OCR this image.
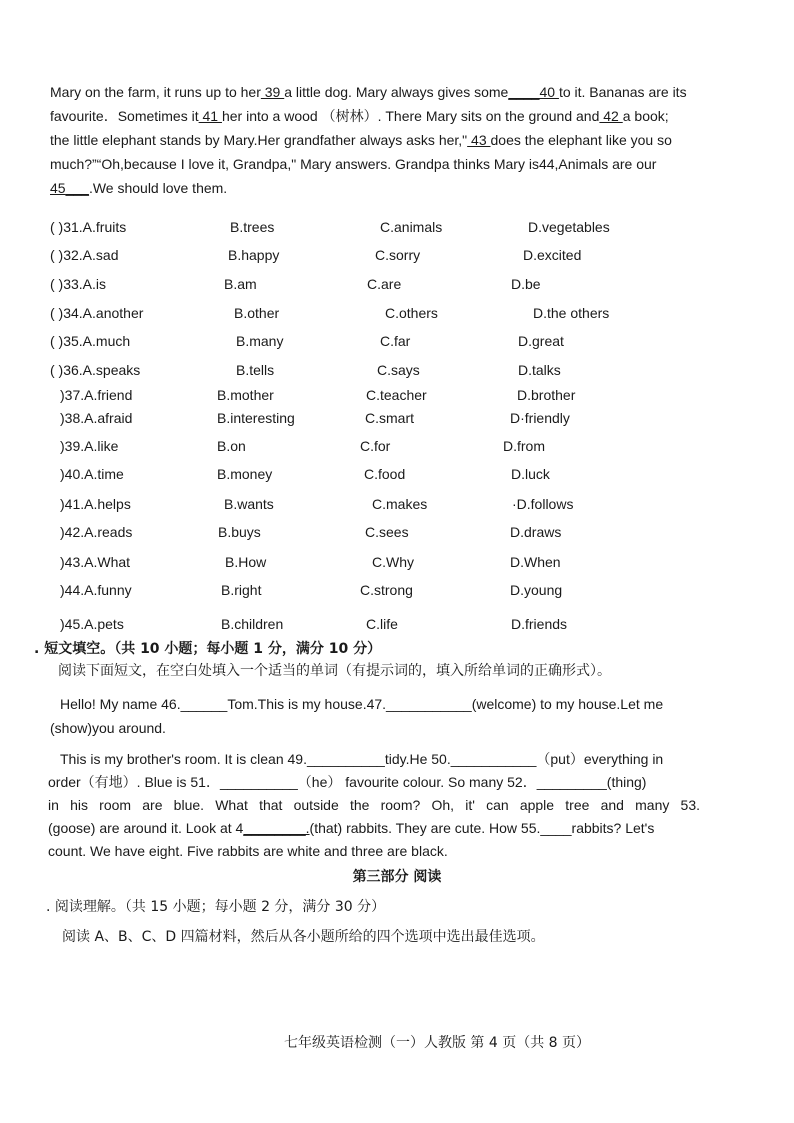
Mary on the farm, it runs up to her 39 a little dog. Mary always gives some____40 to it. Bananas are its
favourite．Sometimes it 41 her into a wood （树林）. There Mary sits on the ground and 42 a book;
the little elephant stands by Mary.Her grandfather always asks her," 43 does the elephant like you so
much?”“Oh,because I love it, Grandpa," Mary answers. Grandpa thinks Mary is44,Animals are our
45___.We should love them.
( )31.A.fruits	B.trees	C.animals	D.vegetables
( )32.A.sad	B.happy	C.sorry	D.excited
( )33.A.is	B.am	C.are	D.be
( )34.A.another	B.other	C.others	D.the others
( )35.A.much	B.many	C.far	D.great
( )36.A.speaks	B.tells	C.says	D.talks
)37.A.friend	B.mother	C.teacher	D.brother
)38.A.afraid	B.interesting	C.smart	D·friendly
)39.A.like	B.on	C.for	D.from
)40.A.time	B.money	C.food	D.luck
)41.A.helps	B.wants	C.makes	·D.follows
)42.A.reads	B.buys	C.sees	D.draws
)43.A.What	B.How	C.Why	D.When
)44.A.funny	B.right	C.strong	D.young
)45.A.pets	B.children	C.life	D.friends
. 短文填空。（共 10 小题；每小题 1 分，满分 10 分）
阅读下面短文，在空白处填入一个适当的单词（有提示词的，填入所给单词的正确形式）。
Hello! My name 46.______Tom.This is my house.47.___________(welcome) to my house.Let me
(show)you around.
This is my brother's room. It is clean 49.__________tidy.He 50.___________（put）everything in
order（有地）. Blue is 51．__________（he） favourite colour. So many 52．_________(thing)
in his room are blue. What that outside the room? Oh, it' can apple tree and many 53.
(goose) are around it. Look at 4________.(that) rabbits. They are cute. How 55.____rabbits? Let's
count. We have eight. Five rabbits are white and three are black.
第三部分 阅读
. 阅读理解。（共 15 小题；每小题 2 分，满分 30 分）
阅读 A、B、C、D 四篇材料，然后从各小题所给的四个选项中选出最佳选项。
七年级英语检测（一）人教版 第 4 页（共 8 页）
